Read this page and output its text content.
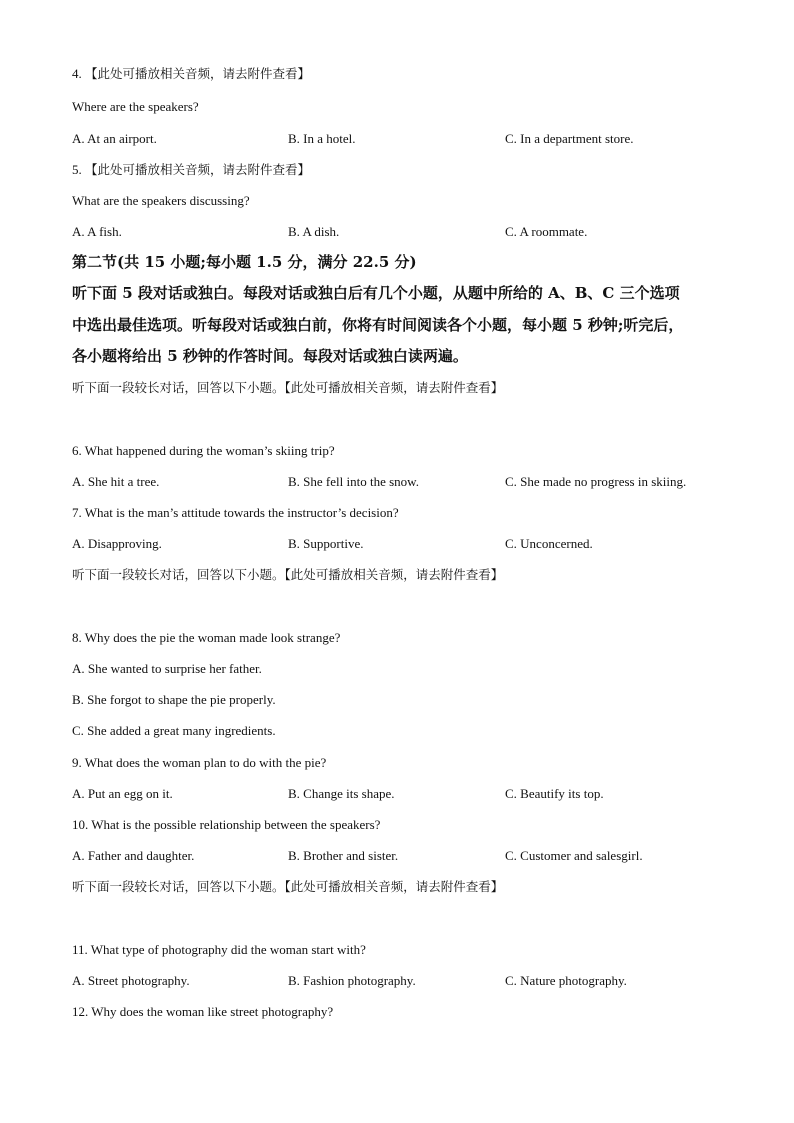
4. 【此处可播放相关音频，请去附件查看】
Where are the speakers?
A. At an airport.	B. In a hotel.	C. In a department store.
5. 【此处可播放相关音频，请去附件查看】
What are the speakers discussing?
A. A fish.	B. A dish.	C. A roommate.
第二节(共 15 小题;每小题 1.5 分，满分 22.5 分)
听下面 5 段对话或独白。每段对话或独白后有几个小题，从题中所给的 A、B、C 三个选项
中选出最佳选项。听每段对话或独白前，你将有时间阅读各个小题，每小题 5 秒钟;听完后，
各小题将给出 5 秒钟的作答时间。每段对话或独白读两遍。
听下面一段较长对话，回答以下小题。【此处可播放相关音频，请去附件查看】
6. What happened during the woman’s skiing trip?
A. She hit a tree.	B. She fell into the snow.	C. She made no progress in skiing.
7. What is the man’s attitude towards the instructor’s decision?
A. Disapproving.	B. Supportive.	C. Unconcerned.
听下面一段较长对话，回答以下小题。【此处可播放相关音频，请去附件查看】
8. Why does the pie the woman made look strange?
A. She wanted to surprise her father.
B. She forgot to shape the pie properly.
C. She added a great many ingredients.
9. What does the woman plan to do with the pie?
A. Put an egg on it.	B. Change its shape.	C. Beautify its top.
10. What is the possible relationship between the speakers?
A. Father and daughter.	B. Brother and sister.	C. Customer and salesgirl.
听下面一段较长对话，回答以下小题。【此处可播放相关音频，请去附件查看】
11. What type of photography did the woman start with?
A. Street photography.	B. Fashion photography.	C. Nature photography.
12. Why does the woman like street photography?
